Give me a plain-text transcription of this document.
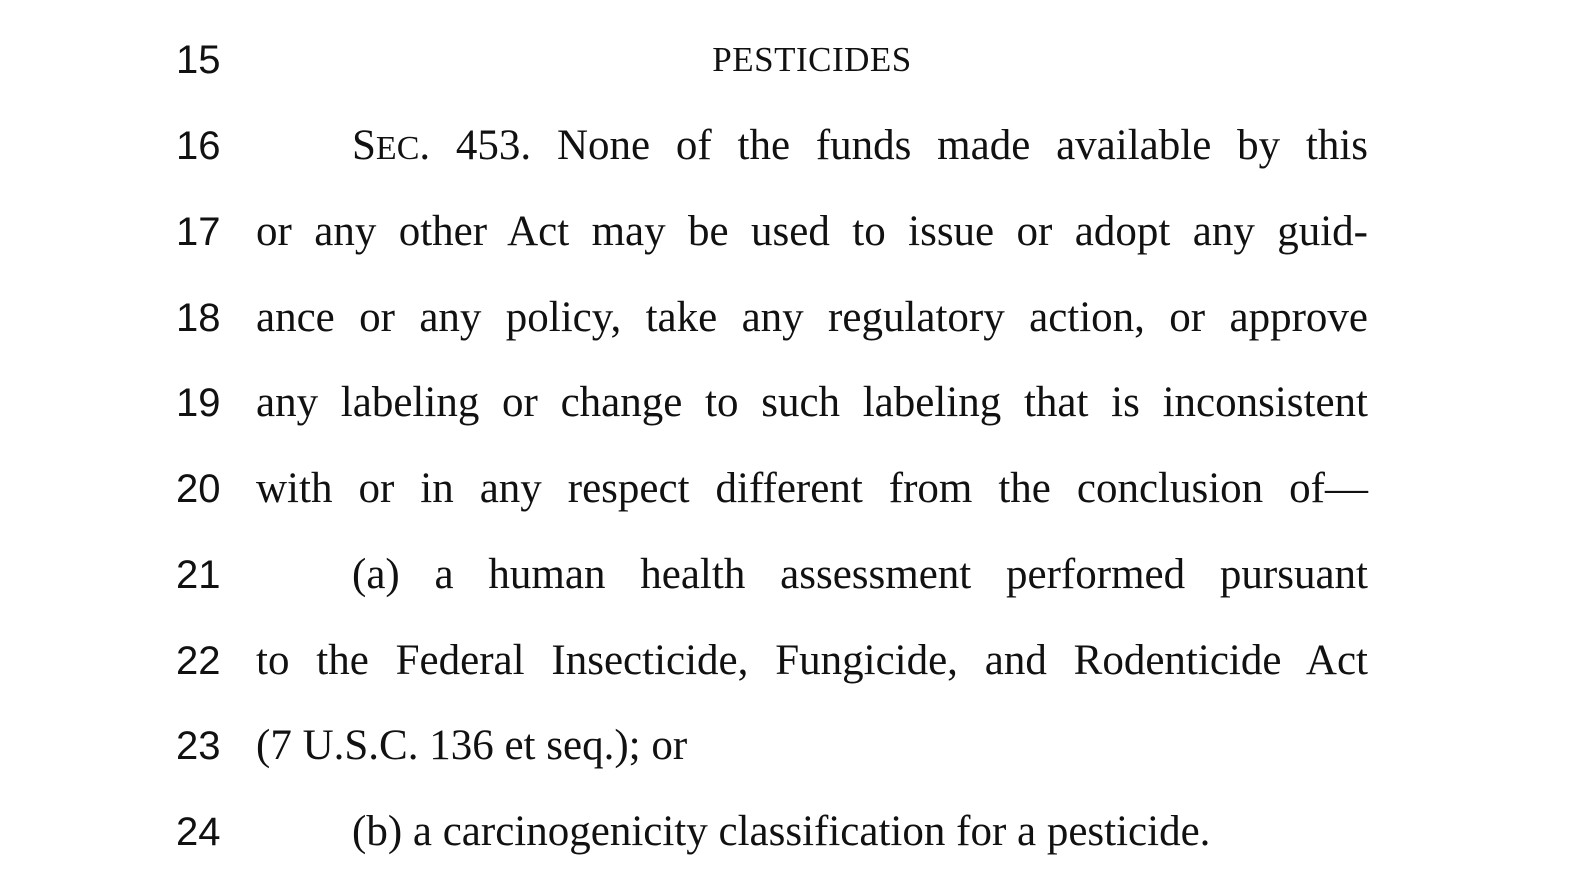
15	PESTICIDES
16	SEC. 453. None of the funds made available by this
17 or any other Act may be used to issue or adopt any guid-
18 ance or any policy, take any regulatory action, or approve
19 any labeling or change to such labeling that is inconsistent
20 with or in any respect different from the conclusion of—
21	(a) a human health assessment performed pursuant
22 to the Federal Insecticide, Fungicide, and Rodenticide Act
23 (7 U.S.C. 136 et seq.); or
24	(b) a carcinogenicity classification for a pesticide.
